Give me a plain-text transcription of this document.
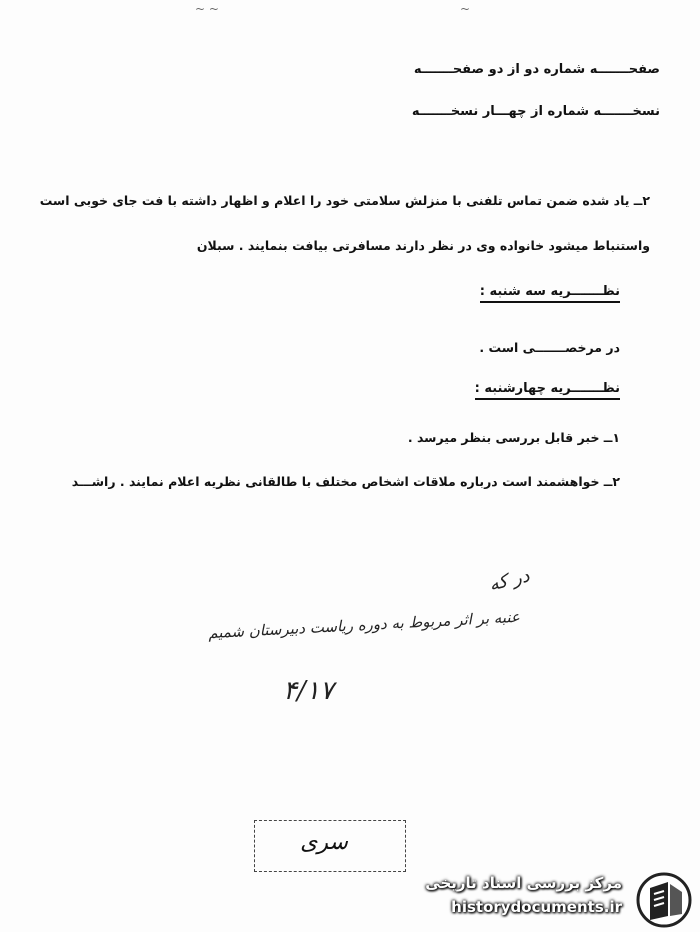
~ ~	~
صفحـــــــه شماره دو از دو صفحـــــــه
نسخـــــــه شماره از چهـــار نسخـــــــه
۲ــ یاد شده ضمن تماس تلفنی با منزلش سلامتی خود را اعلام و اظهار داشته با فت جای خوبی است
واستنباط میشود خانواده وی در نظر دارند مسافرتی بیافت بنمایند . سبلان
نظـــــــریه سه شنبه :
در مرخصـــــــی است .
نظـــــــریه چهارشنبه :
۱ــ خبر قابل بررسی بنظر میرسد .
۲ــ خواهشمند است درباره ملاقات اشخاص مختلف با طالقانی نظریه اعلام نمایند . راشـــد
در که
عنبه بر اثر مربوط به دوره ریاست دبیرستان شمیم
۴/۱۷
سری
مرکز بررسی اسناد تاریخی
historydocuments.ir
